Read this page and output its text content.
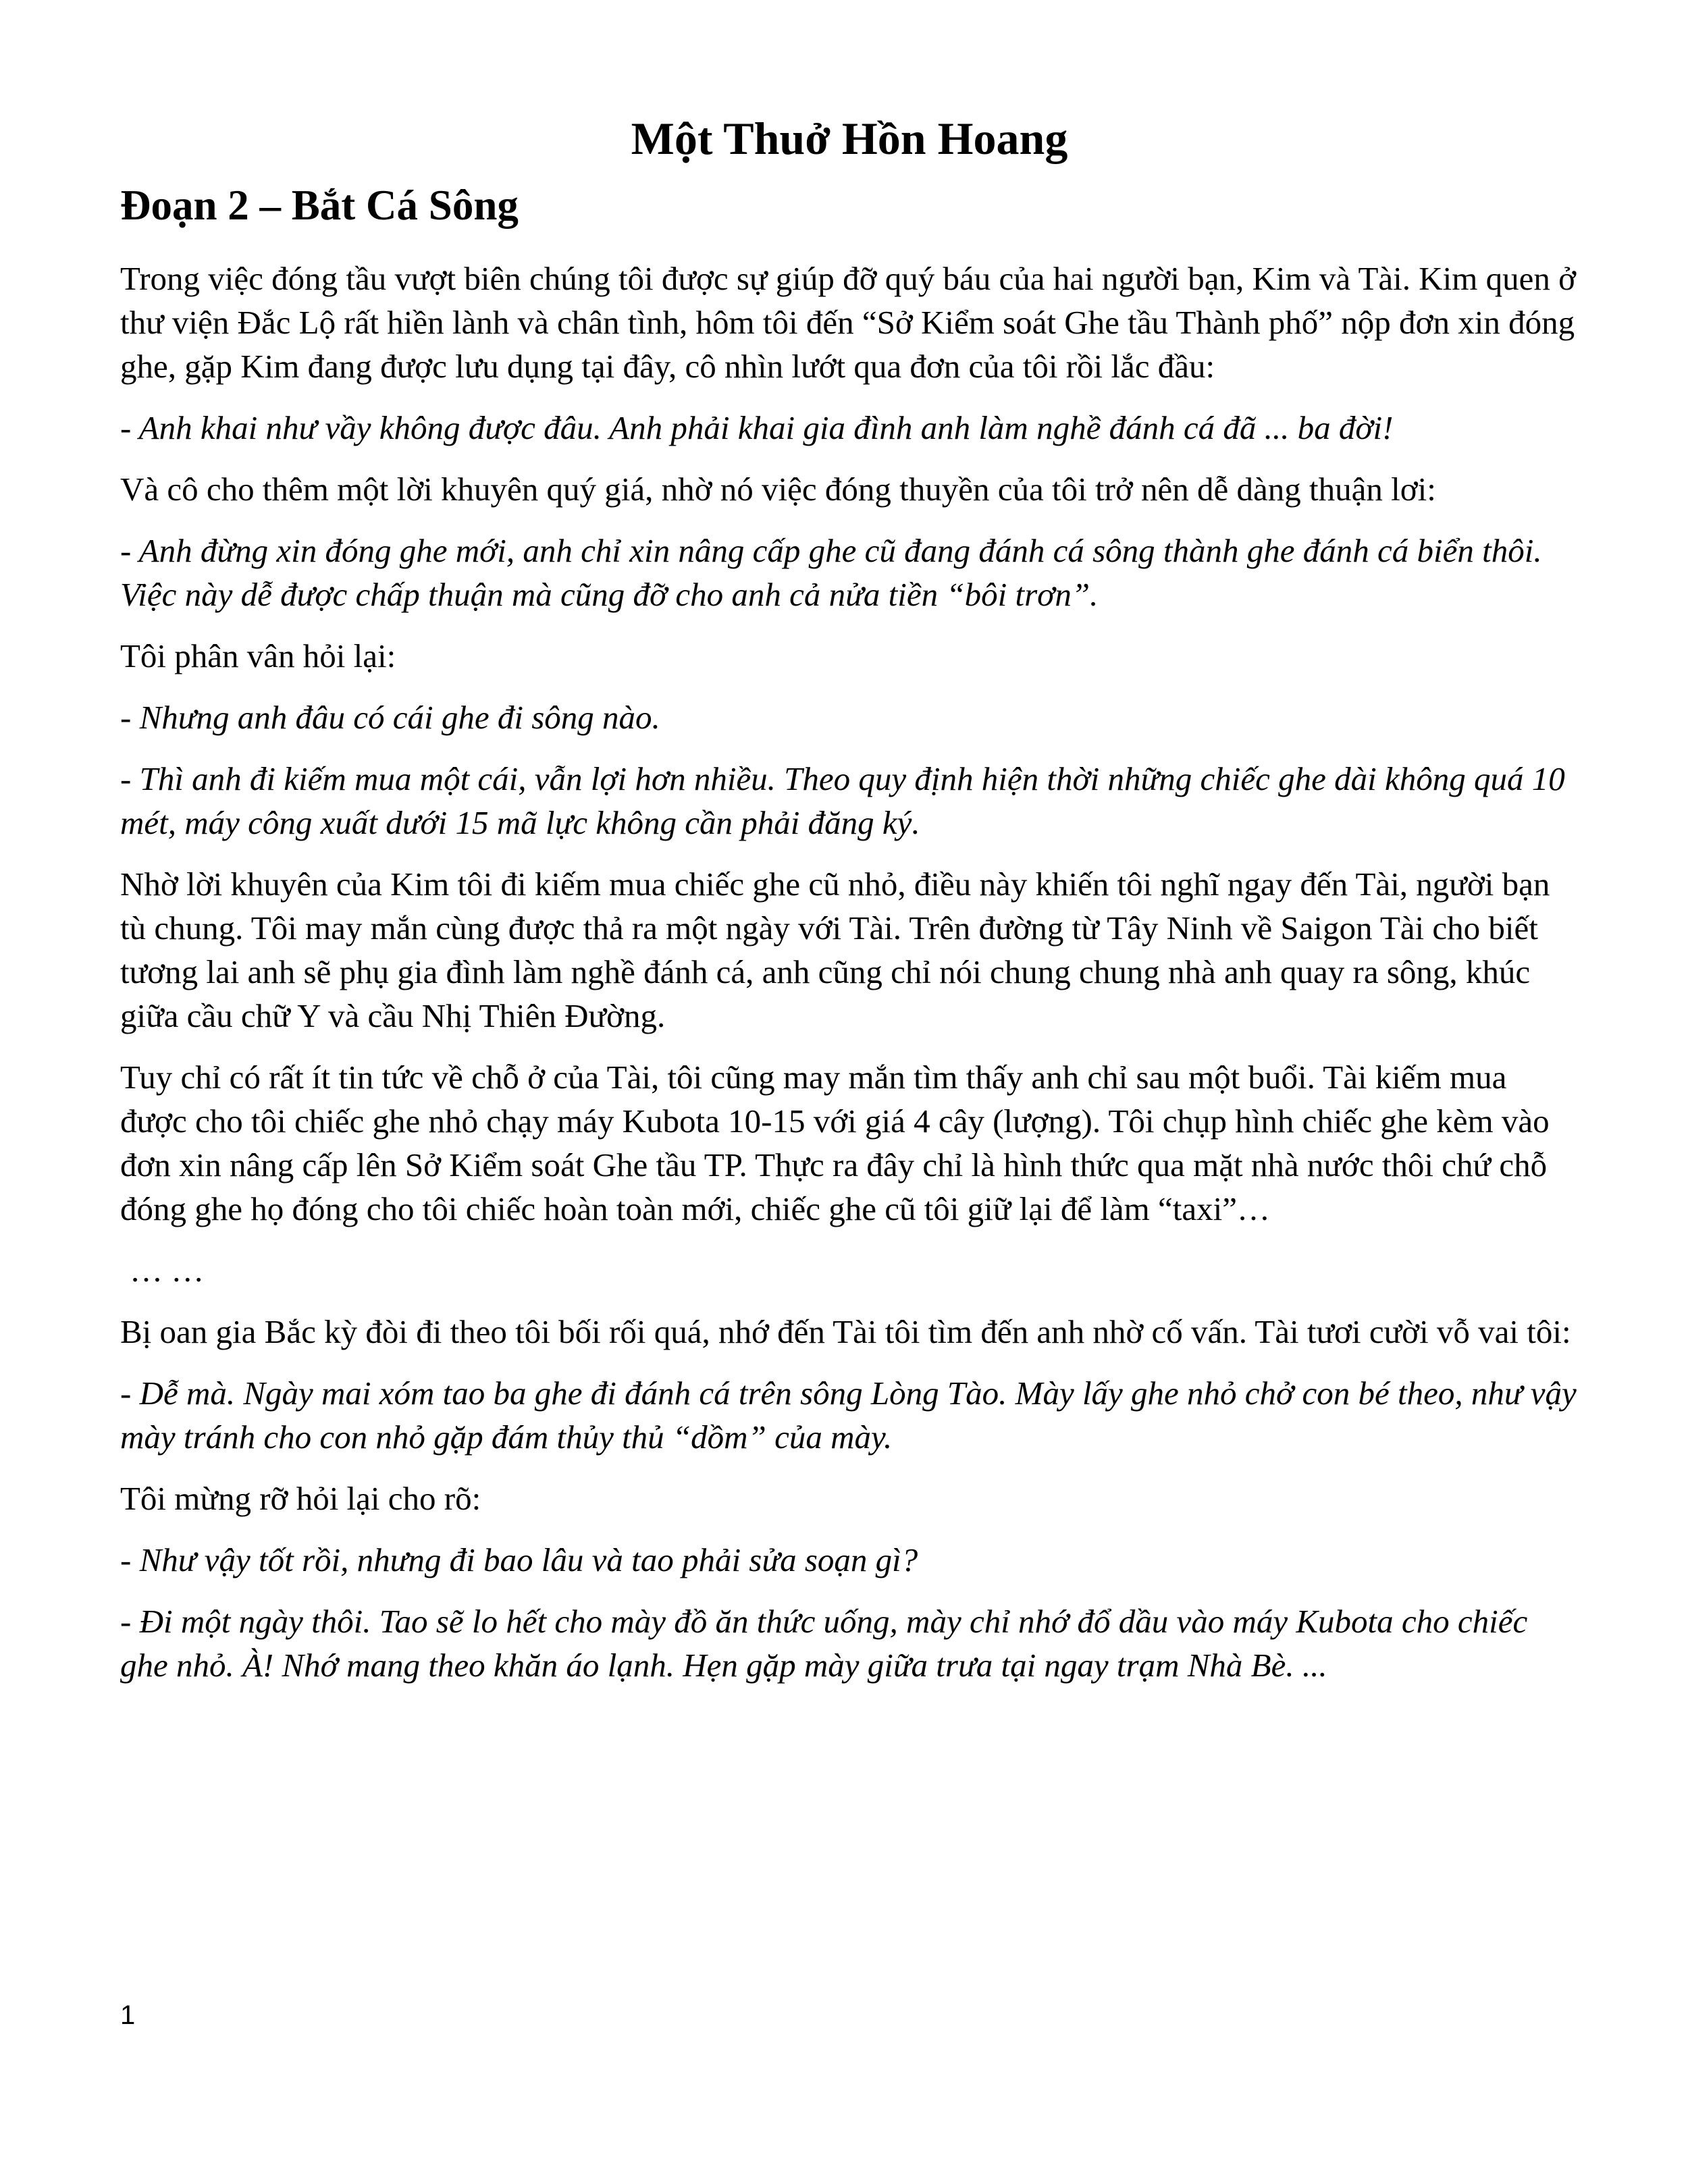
Một Thuở Hồn Hoang
Đoạn 2 – Bắt Cá Sông

Trong việc đóng tầu vượt biên chúng tôi được sự giúp đỡ quý báu của hai người bạn, Kim và Tài. Kim quen ở thư viện Đắc Lộ rất hiền lành và chân tình, hôm tôi đến “Sở Kiểm soát Ghe tầu Thành phố” nộp đơn xin đóng ghe, gặp Kim đang được lưu dụng tại đây, cô nhìn lướt qua đơn của tôi rồi lắc đầu:

- Anh khai như vầy không được đâu. Anh phải khai gia đình anh làm nghề đánh cá đã ... ba đời!

Và cô cho thêm một lời khuyên quý giá, nhờ nó việc đóng thuyền của tôi trở nên dễ dàng thuận lơi:

- Anh đừng xin đóng ghe mới, anh chỉ xin nâng cấp ghe cũ đang đánh cá sông thành ghe đánh cá biển thôi. Việc này dễ được chấp thuận mà cũng đỡ cho anh cả nửa tiền “bôi trơn”.

Tôi phân vân hỏi lại:

- Nhưng anh đâu có cái ghe đi sông nào.

- Thì anh đi kiếm mua một cái, vẫn lợi hơn nhiều. Theo quy định hiện thời những chiếc ghe dài không quá 10 mét, máy công xuất dưới 15 mã lực không cần phải đăng ký.

Nhờ lời khuyên của Kim tôi đi kiếm mua chiếc ghe cũ nhỏ, điều này khiến tôi nghĩ ngay đến Tài, người bạn tù chung. Tôi may mắn cùng được thả ra một ngày với Tài. Trên đường từ Tây Ninh về Saigon Tài cho biết tương lai anh sẽ phụ gia đình làm nghề đánh cá, anh cũng chỉ nói chung chung nhà anh quay ra sông, khúc giữa cầu chữ Y và cầu Nhị Thiên Đường.

Tuy chỉ có rất ít tin tức về chỗ ở của Tài, tôi cũng may mắn tìm thấy anh chỉ sau một buổi. Tài kiếm mua được cho tôi chiếc ghe nhỏ chạy máy Kubota 10-15 với giá 4 cây (lượng). Tôi chụp hình chiếc ghe kèm vào đơn xin nâng cấp lên Sở Kiểm soát Ghe tầu TP. Thực ra đây chỉ là hình thức qua mặt nhà nước thôi chứ chỗ đóng ghe họ đóng cho tôi chiếc hoàn toàn mới, chiếc ghe cũ tôi giữ lại để làm “taxi”…

… …

Bị oan gia Bắc kỳ đòi đi theo tôi bối rối quá, nhớ đến Tài tôi tìm đến anh nhờ cố vấn. Tài tươi cười vỗ vai tôi:

- Dễ mà. Ngày mai xóm tao ba ghe đi đánh cá trên sông Lòng Tào. Mày lấy ghe nhỏ chở con bé theo, như vậy mày tránh cho con nhỏ gặp đám thủy thủ “dồm” của mày.

Tôi mừng rỡ hỏi lại cho rõ:

- Như vậy tốt rồi, nhưng đi bao lâu và tao phải sửa soạn gì?

- Đi một ngày thôi. Tao sẽ lo hết cho mày đồ ăn thức uống, mày chỉ nhớ đổ dầu vào máy Kubota cho chiếc ghe nhỏ. À! Nhớ mang theo khăn áo lạnh. Hẹn gặp mày giữa trưa tại ngay trạm Nhà Bè. ...

1
